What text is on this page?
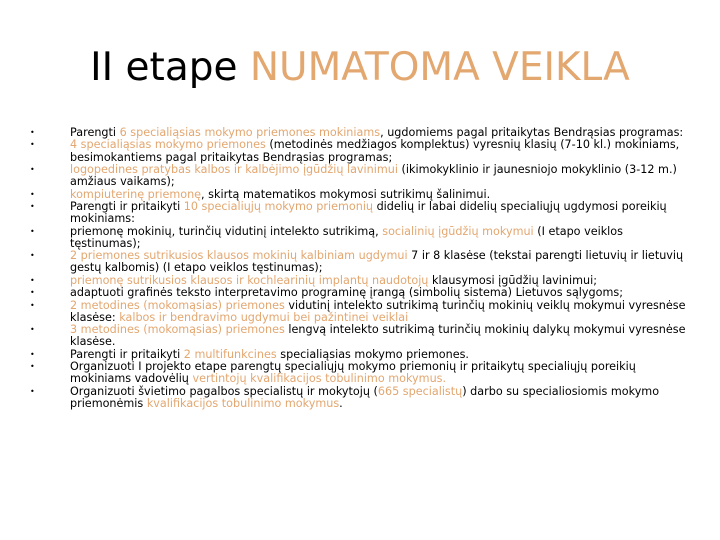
II etape NUMATOMA VEIKLA
•	Parengti 6 specialiąsias mokymo priemones mokiniams, ugdomiems pagal pritaikytas Bendrąsias programas:
•	4 specialiąsias mokymo priemones (metodinės medžiagos komplektus) vyresnių klasių (7-10 kl.) mokiniams, besimokantiems pagal pritaikytas Bendrąsias programas;
•	logopedines pratybas kalbos ir kalbėjimo įgūdžių lavinimui (ikimokyklinio ir jaunesniojo mokyklinio (3-12 m.) amžiaus vaikams);
•	kompiuterinę priemonę, skirtą matematikos mokymosi sutrikimų šalinimui.
•	Parengti ir pritaikyti 10 specialiųjų mokymo priemonių didelių ir labai didelių specialiųjų ugdymosi poreikių mokiniams:
•	priemonę mokinių, turinčių vidutinį intelekto sutrikimą, socialinių įgūdžių mokymui (I etapo veiklos tęstinumas);
•	2 priemones sutrikusios klausos mokinių kalbiniam ugdymui 7 ir 8 klasėse (tekstai parengti lietuvių ir lietuvių gestų kalbomis) (I etapo veiklos tęstinumas);
•	priemonę sutrikusios klausos ir kochlearinių implantų naudotojų klausymosi įgūdžių lavinimui;
•	adaptuoti grafinės teksto interpretavimo programinę įrangą (simbolių sistema) Lietuvos sąlygoms;
•	2 metodines (mokomąsias) priemones vidutinį intelekto sutrikimą turinčių mokinių veiklų mokymui vyresnėse klasėse: kalbos ir bendravimo ugdymui bei pažintinei veiklai
•	3 metodines (mokomąsias) priemones lengvą intelekto sutrikimą turinčių mokinių dalykų mokymui vyresnėse klasėse.
•	Parengti ir pritaikyti 2 multifunkcines specialiąsias mokymo priemones.
•	Organizuoti I projekto etape parengtų specialiųjų mokymo priemonių ir pritaikytų specialiųjų poreikių mokiniams vadovėlių vertintojų kvalifikacijos tobulinimo mokymus.
•	Organizuoti švietimo pagalbos specialistų ir mokytojų (665 specialistų) darbo su specialiosiomis mokymo priemonėmis kvalifikacijos tobulinimo mokymus.
